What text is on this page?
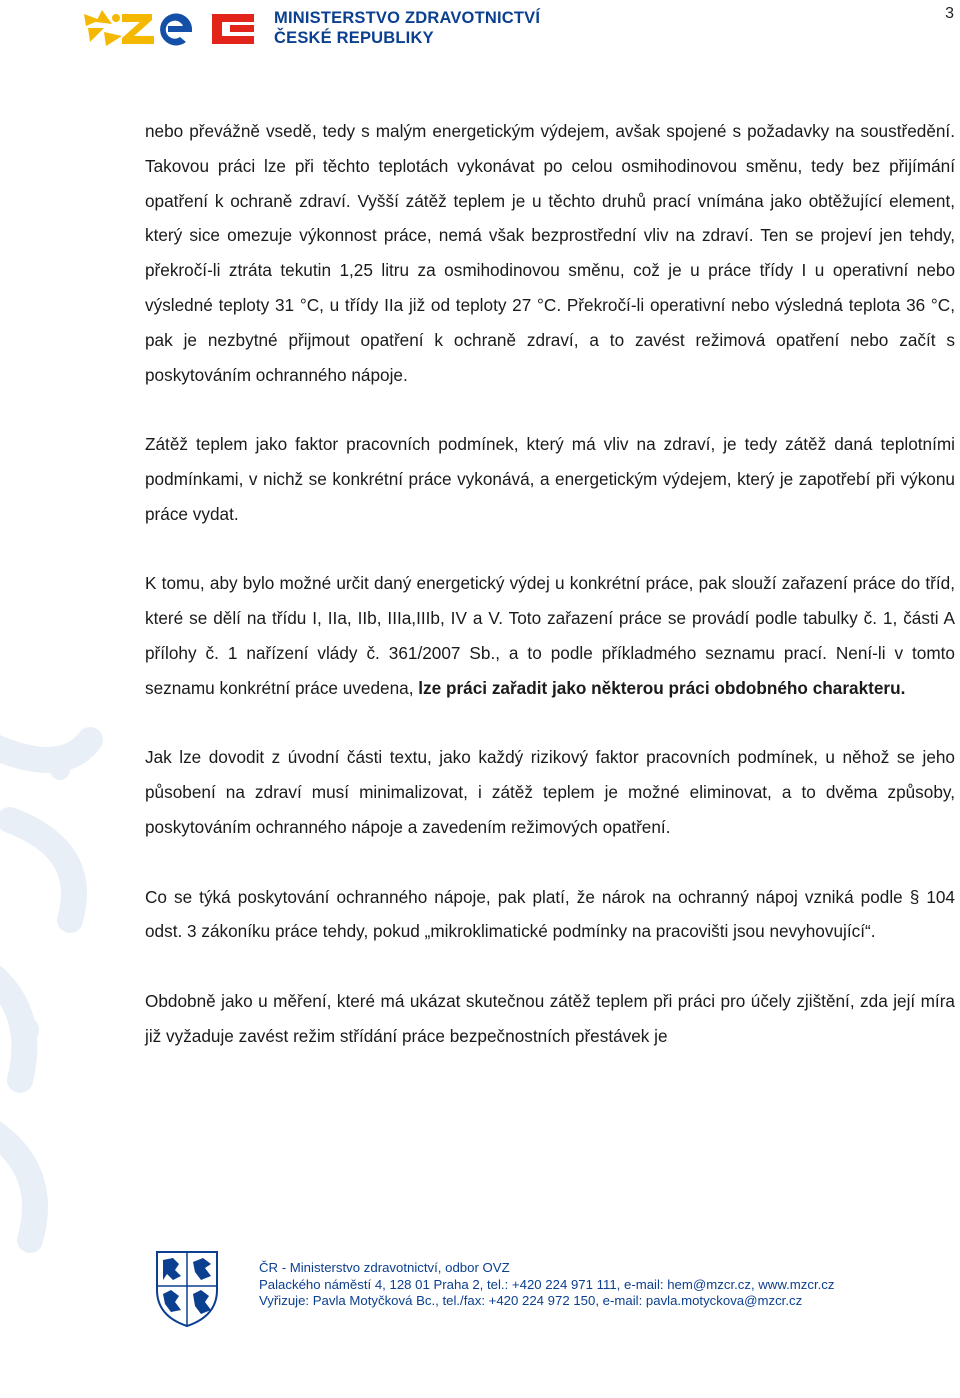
3
MINISTERSTVO ZDRAVOTNICTVÍ
ČESKÉ REPUBLIKY

nebo převážně vsedě, tedy s malým energetickým výdejem, avšak spojené s požadavky na soustředění. Takovou práci lze při těchto teplotách vykonávat po celou osmihodinovou směnu, tedy bez přijímání opatření k ochraně zdraví. Vyšší zátěž teplem je u těchto druhů prací vnímána jako obtěžující element, který sice omezuje výkonnost práce, nemá však bezprostřední vliv na zdraví. Ten se projeví jen tehdy, překročí-li ztráta tekutin 1,25 litru za osmihodinovou směnu, což je u práce třídy I u operativní nebo výsledné teploty 31 °C, u třídy IIa již od teploty 27 °C. Překročí-li operativní nebo výsledná teplota 36 °C, pak je nezbytné přijmout opatření k ochraně zdraví, a to zavést režimová opatření nebo začít s poskytováním ochranného nápoje.

Zátěž teplem jako faktor pracovních podmínek, který má vliv na zdraví, je tedy zátěž daná teplotními podmínkami, v nichž se konkrétní práce vykonává, a energetickým výdejem, který je zapotřebí při výkonu práce vydat.

K tomu, aby bylo možné určit daný energetický výdej u konkrétní práce, pak slouží zařazení práce do tříd, které se dělí na třídu I, IIa, IIb, IIIa,IIIb, IV a V. Toto zařazení práce se provádí podle tabulky č. 1, části A přílohy č. 1 nařízení vlády č. 361/2007 Sb., a to podle příkladmého seznamu prací. Není-li v tomto seznamu konkrétní práce uvedena, lze práci zařadit jako některou práci obdobného charakteru.

Jak lze dovodit z úvodní části textu, jako každý rizikový faktor pracovních podmínek, u něhož se jeho působení na zdraví musí minimalizovat, i zátěž teplem je možné eliminovat, a to dvěma způsoby, poskytováním ochranného nápoje a zavedením režimových opatření.

Co se týká poskytování ochranného nápoje, pak platí, že nárok na ochranný nápoj vzniká podle § 104 odst. 3 zákoníku práce tehdy, pokud „mikroklimatické podmínky na pracovišti jsou nevyhovující“.

Obdobně jako u měření, které má ukázat skutečnou zátěž teplem při práci pro účely zjištění, zda její míra již vyžaduje zavést režim střídání práce bezpečnostních přestávek je

ČR - Ministerstvo zdravotnictví, odbor OVZ
Palackého náměstí 4, 128 01 Praha 2, tel.: +420 224 971 111, e-mail: hem@mzcr.cz, www.mzcr.cz
Vyřizuje: Pavla Motyčková Bc., tel./fax: +420 224 972 150, e-mail: pavla.motyckova@mzcr.cz
